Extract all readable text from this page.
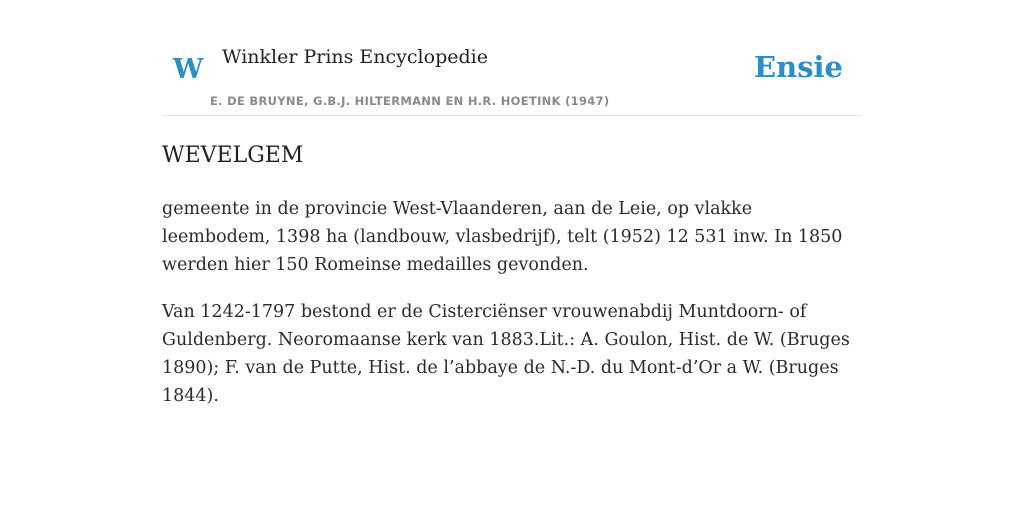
W Winkler Prins Encyclopedie
E. DE BRUYNE, G.B.J. HILTERMANN EN H.R. HOETINK (1947)
Ensie
WEVELGEM

gemeente in de provincie West-Vlaanderen, aan de Leie, op vlakke leembodem, 1398 ha (landbouw, vlasbedrijf), telt (1952) 12 531 inw. In 1850 werden hier 150 Romeinse medailles gevonden.

Van 1242-1797 bestond er de Cisterciënser vrouwenabdij Muntdoorn- of Guldenberg. Neoromaanse kerk van 1883.Lit.: A. Goulon, Hist. de W. (Bruges 1890); F. van de Putte, Hist. de l’abbaye de N.-D. du Mont-d’Or a W. (Bruges 1844).
